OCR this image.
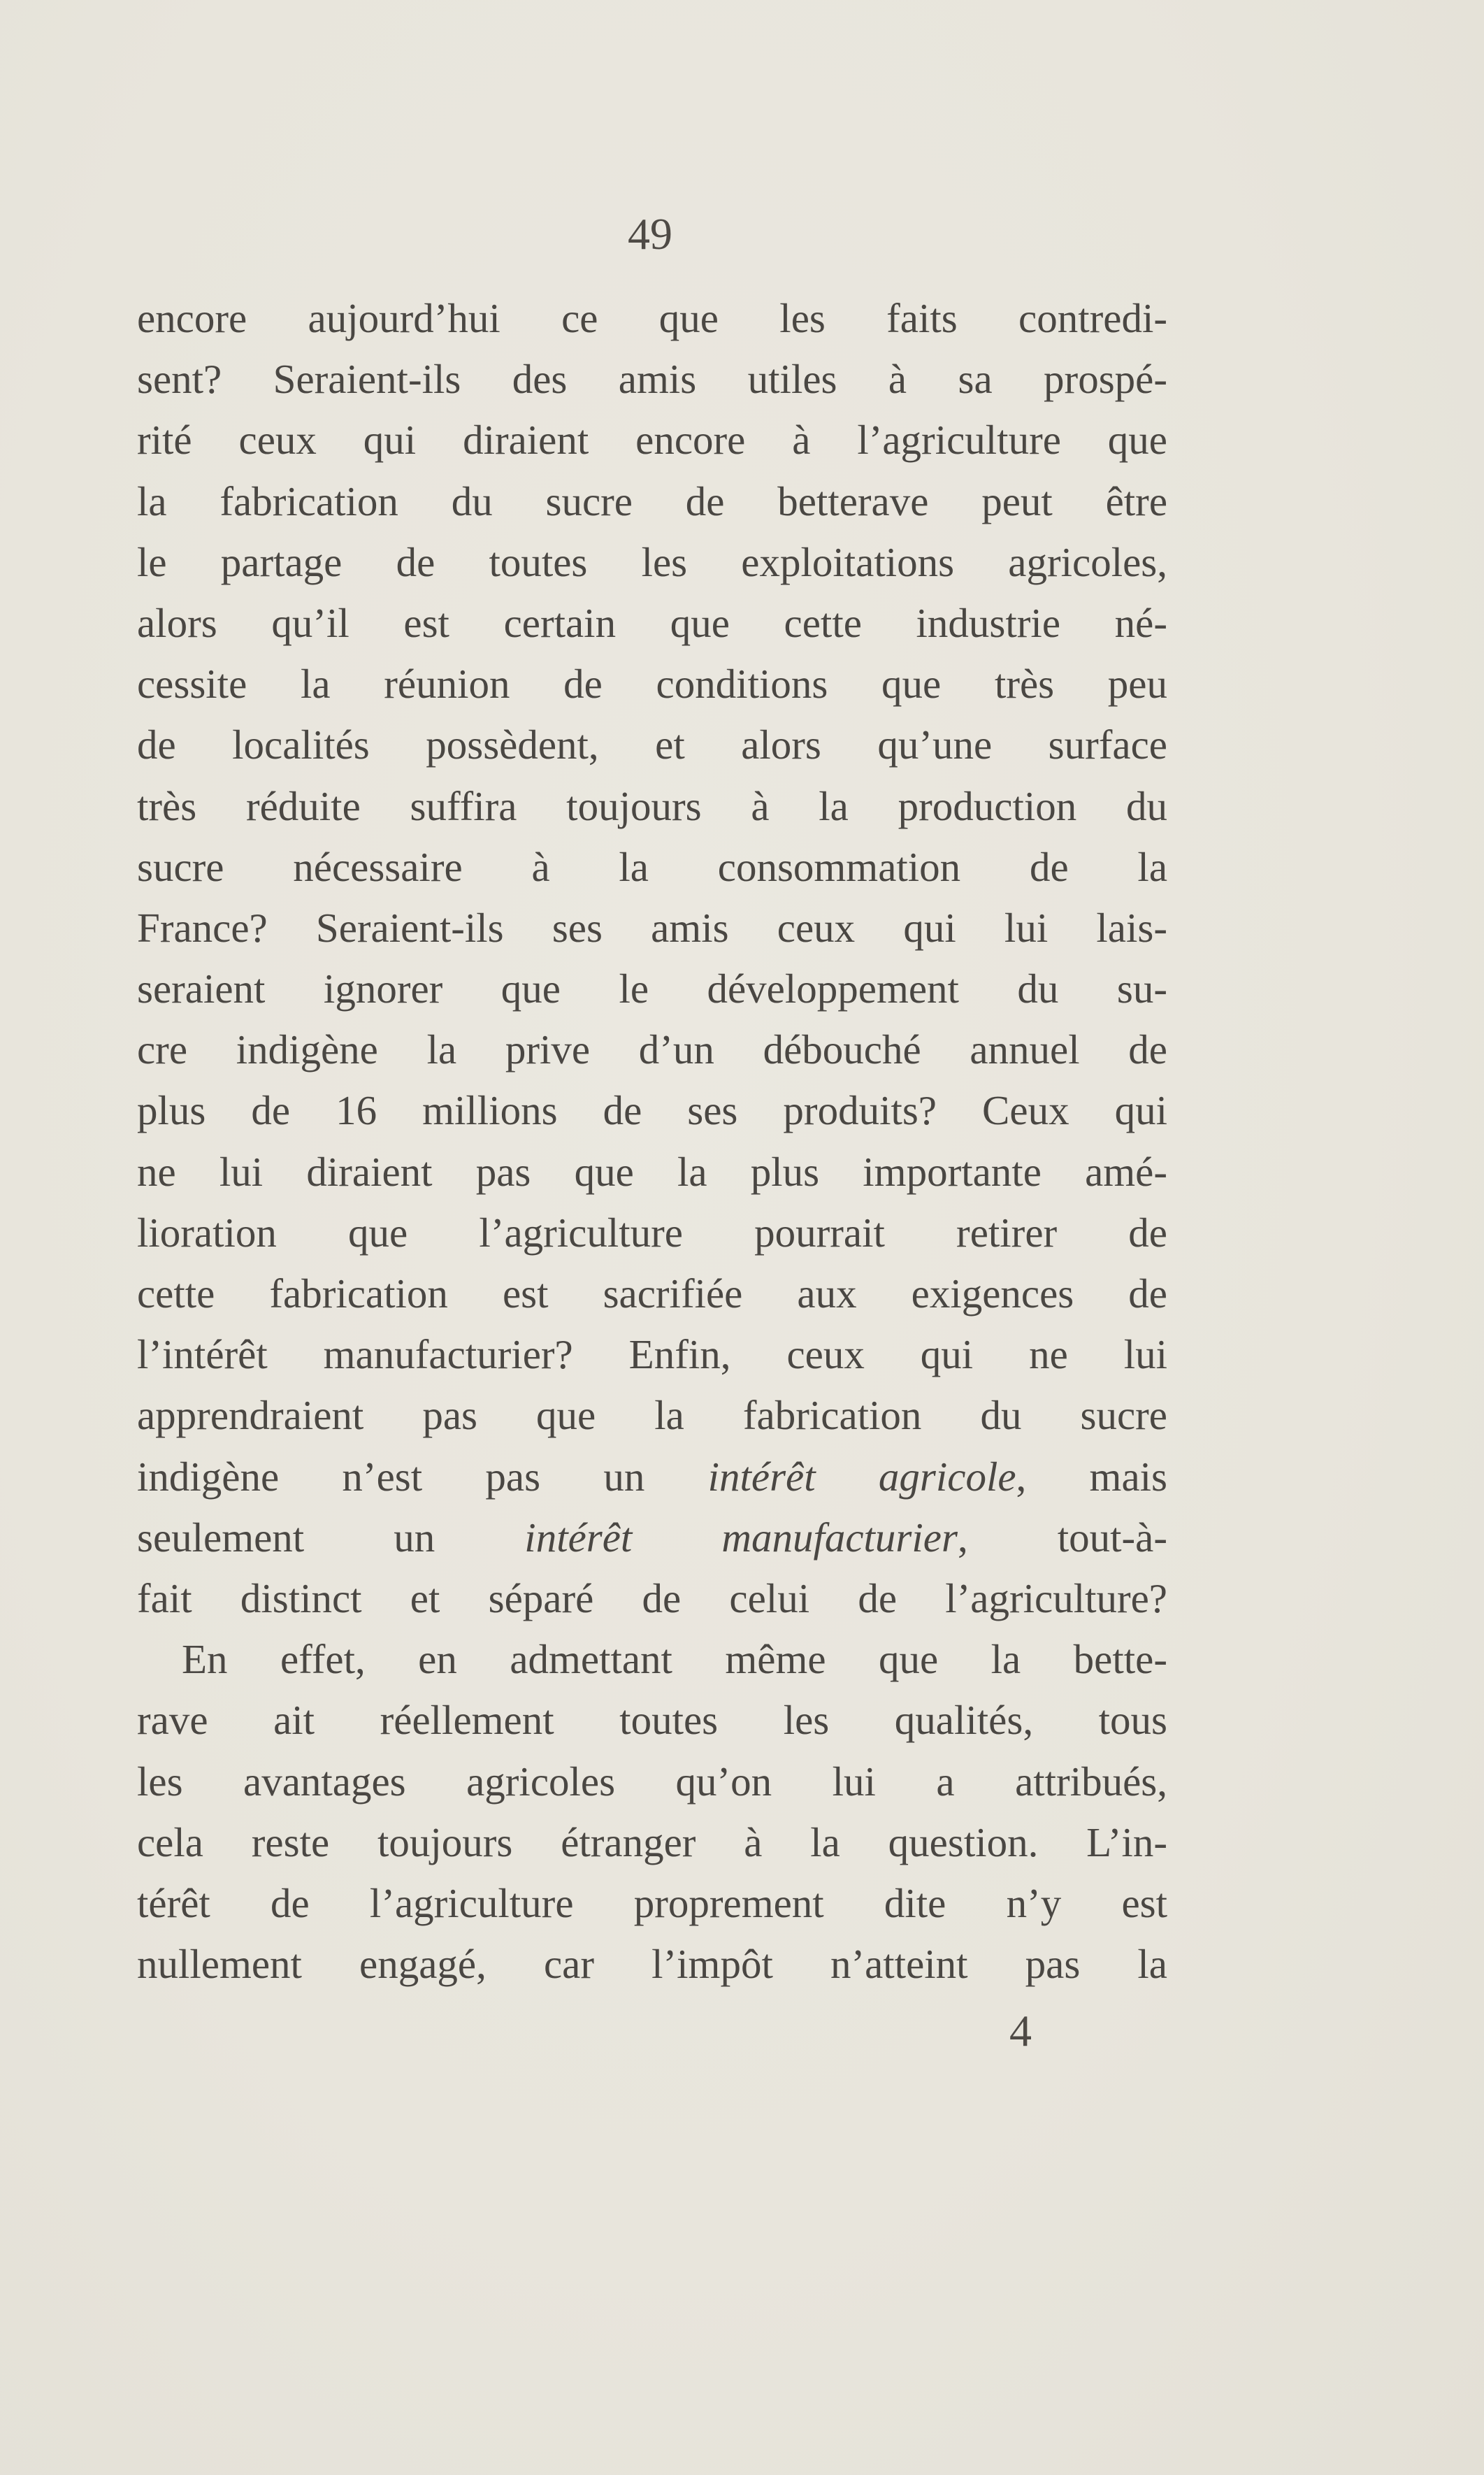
49
encore aujourd’hui ce que les faits contredi-
sent? Seraient-ils des amis utiles à sa prospé-
rité ceux qui diraient encore à l’agriculture que
la fabrication du sucre de betterave peut être
le partage de toutes les exploitations agricoles,
alors qu’il est certain que cette industrie né-
cessite la réunion de conditions que très peu
de localités possèdent, et alors qu’une surface
très réduite suffira toujours à la production du
sucre nécessaire à la consommation de la
France? Seraient-ils ses amis ceux qui lui lais-
seraient ignorer que le développement du su-
cre indigène la prive d’un débouché annuel de
plus de 16 millions de ses produits? Ceux qui
ne lui diraient pas que la plus importante amé-
lioration que l’agriculture pourrait retirer de
cette fabrication est sacrifiée aux exigences de
l’intérêt manufacturier? Enfin, ceux qui ne lui
apprendraient pas que la fabrication du sucre
indigène n’est pas un intérêt agricole, mais
seulement un intérêt manufacturier, tout-à-
fait distinct et séparé de celui de l’agriculture?
En effet, en admettant même que la bette-
rave ait réellement toutes les qualités, tous
les avantages agricoles qu’on lui a attribués,
cela reste toujours étranger à la question. L’in-
térêt de l’agriculture proprement dite n’y est
nullement engagé, car l’impôt n’atteint pas la
4
